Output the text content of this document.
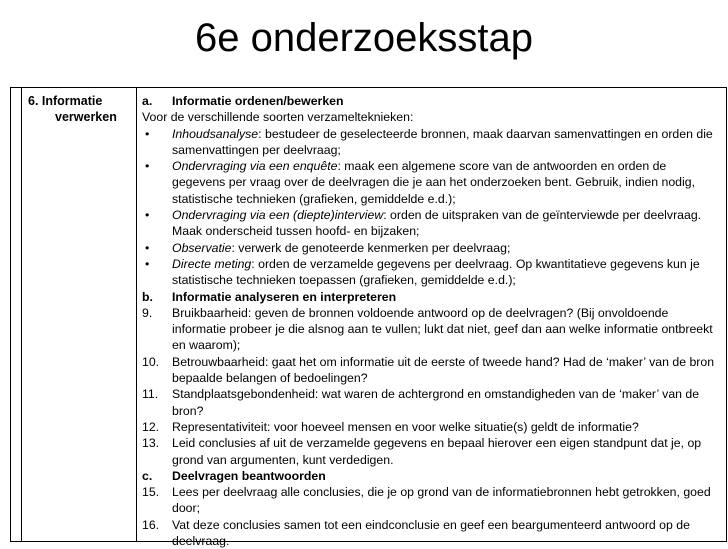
6e onderzoeksstap
6. Informatie
verwerken
a.	Informatie ordenen/bewerken
Voor de verschillende soorten verzamelteknieken:
•	Inhoudsanalyse: bestudeer de geselecteerde bronnen, maak daarvan samenvattingen en orden die samenvattingen per deelvraag;
•	Ondervraging via een enquête: maak een algemene score van de antwoorden en orden de gegevens per vraag over de deelvragen die je aan het onderzoeken bent. Gebruik, indien nodig, statistische technieken (grafieken, gemiddelde e.d.);
•	Ondervraging via een (diepte)interview: orden de uitspraken van de geïnterviewde per deelvraag. Maak onderscheid tussen hoofd- en bijzaken;
•	Observatie: verwerk de genoteerde kenmerken per deelvraag;
•	Directe meting: orden de verzamelde gegevens per deelvraag. Op kwantitatieve gegevens kun je statistische technieken toepassen (grafieken, gemiddelde e.d.);
b.	Informatie analyseren en interpreteren
9.	Bruikbaarheid: geven de bronnen voldoende antwoord op de deelvragen? (Bij onvoldoende informatie probeer je die alsnog aan te vullen; lukt dat niet, geef dan aan welke informatie ontbreekt en waarom);
10.	Betrouwbaarheid: gaat het om informatie uit de eerste of tweede hand? Had de ‘maker’ van de bron bepaalde belangen of bedoelingen?
11.	Standplaatsgebondenheid: wat waren de achtergrond en omstandigheden van de ‘maker’ van de bron?
12.	Representativiteit: voor hoeveel mensen en voor welke situatie(s) geldt de informatie?
13.	Leid conclusies af uit de verzamelde gegevens en bepaal hierover een eigen standpunt dat je, op grond van argumenten, kunt verdedigen.
c.	Deelvragen beantwoorden
15.	Lees per deelvraag alle conclusies, die je op grond van de informatiebronnen hebt getrokken, goed door;
16.	Vat deze conclusies samen tot een eindconclusie en geef een beargumenteerd antwoord op de deelvraag.
